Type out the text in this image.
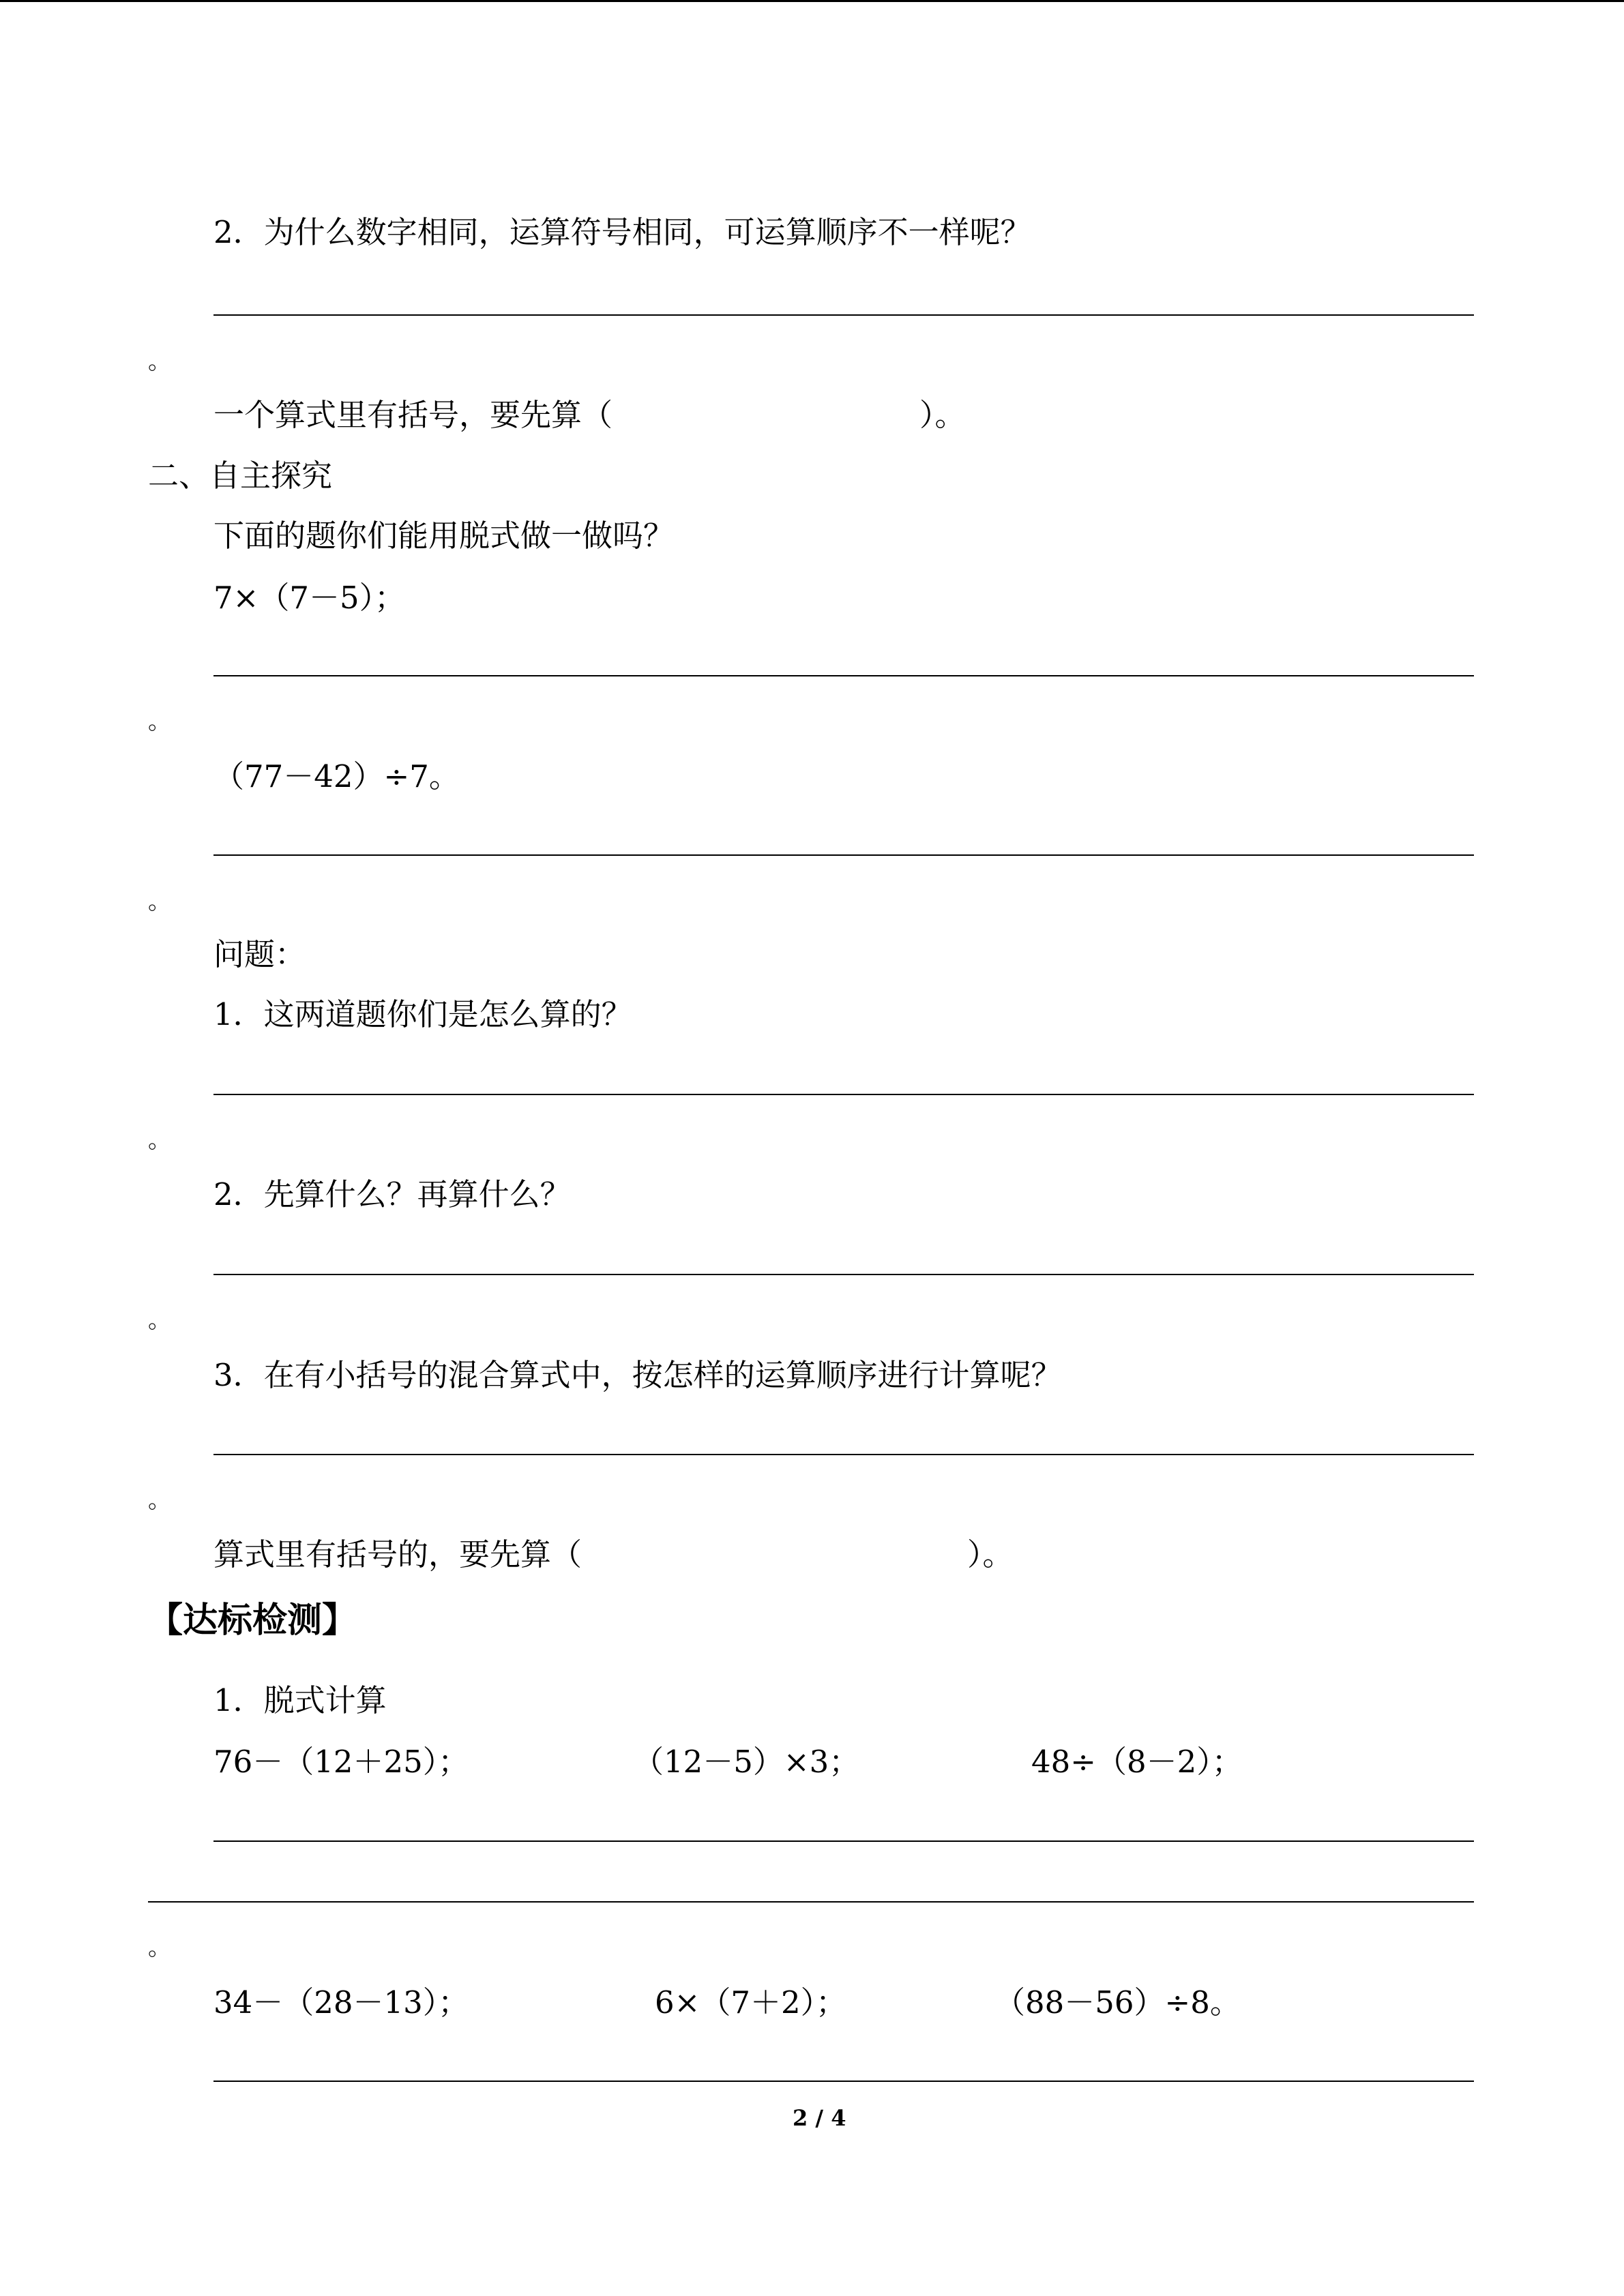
2．为什么数字相同，运算符号相同，可运算顺序不一样呢？
。
一个算式里有括号，要先算（	）。
二、自主探究
下面的题你们能用脱式做一做吗？
7×（7－5）；
。
（77－42）÷7。
。
问题：
1．这两道题你们是怎么算的？
。
2．先算什么？再算什么？
。
3．在有小括号的混合算式中，按怎样的运算顺序进行计算呢？
。
算式里有括号的，要先算（	）。
【达标检测】
1．脱式计算
76－（12＋25）；	（12－5）×3；	48÷（8－2）；
。
34－（28－13）；	6×（7＋2）；	（88－56）÷8。
2 / 4
